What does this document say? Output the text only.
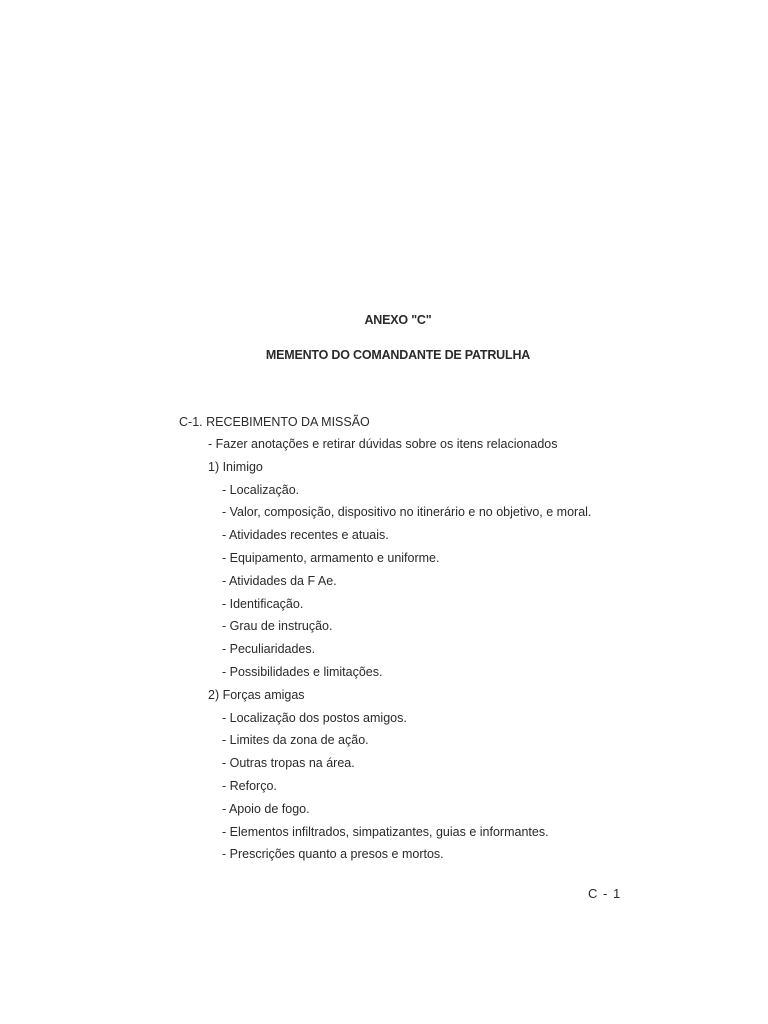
ANEXO "C"
MEMENTO DO COMANDANTE DE PATRULHA
C-1. RECEBIMENTO DA MISSÃO
- Fazer anotações e retirar dúvidas sobre os itens relacionados
1) Inimigo
- Localização.
- Valor, composição, dispositivo no itinerário e no objetivo, e moral.
- Atividades recentes e atuais.
- Equipamento, armamento e uniforme.
- Atividades da F Ae.
- Identificação.
- Grau de instrução.
- Peculiaridades.
- Possibilidades e limitações.
2) Forças amigas
- Localização dos postos amigos.
- Limites da zona de ação.
- Outras tropas na área.
- Reforço.
- Apoio de fogo.
- Elementos infiltrados, simpatizantes, guias e informantes.
- Prescrições quanto a presos e mortos.
C - 1
